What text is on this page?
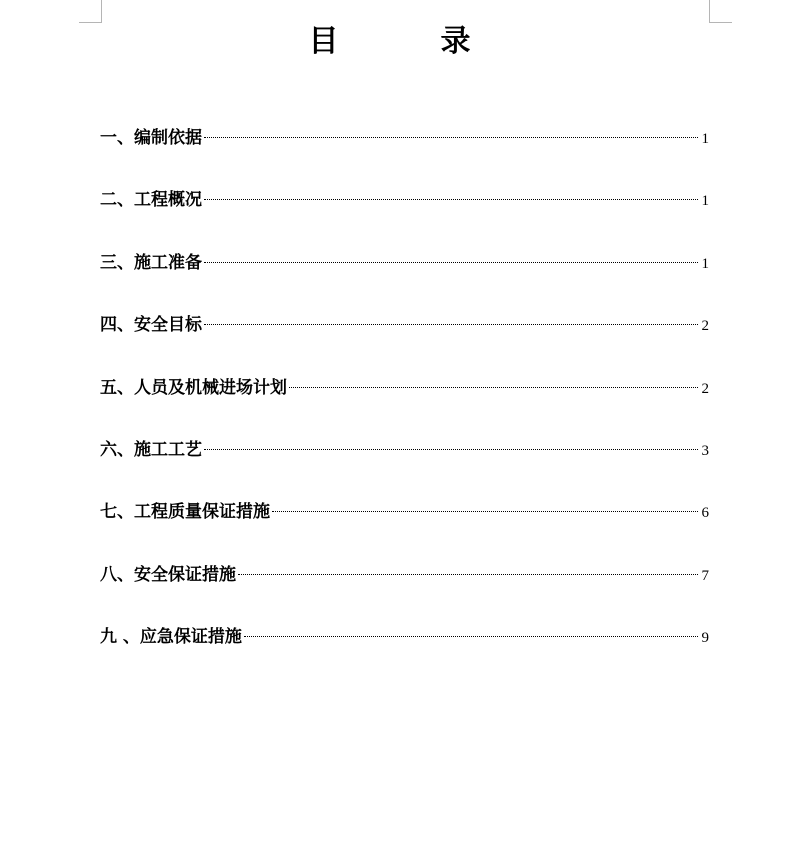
目　录
一、编制依据	1
二、工程概况	1
三、施工准备	1
四、安全目标	2
五、人员及机械进场计划	2
六、施工工艺	3
七、工程质量保证措施	6
八、安全保证措施	7
九 、应急保证措施	9
